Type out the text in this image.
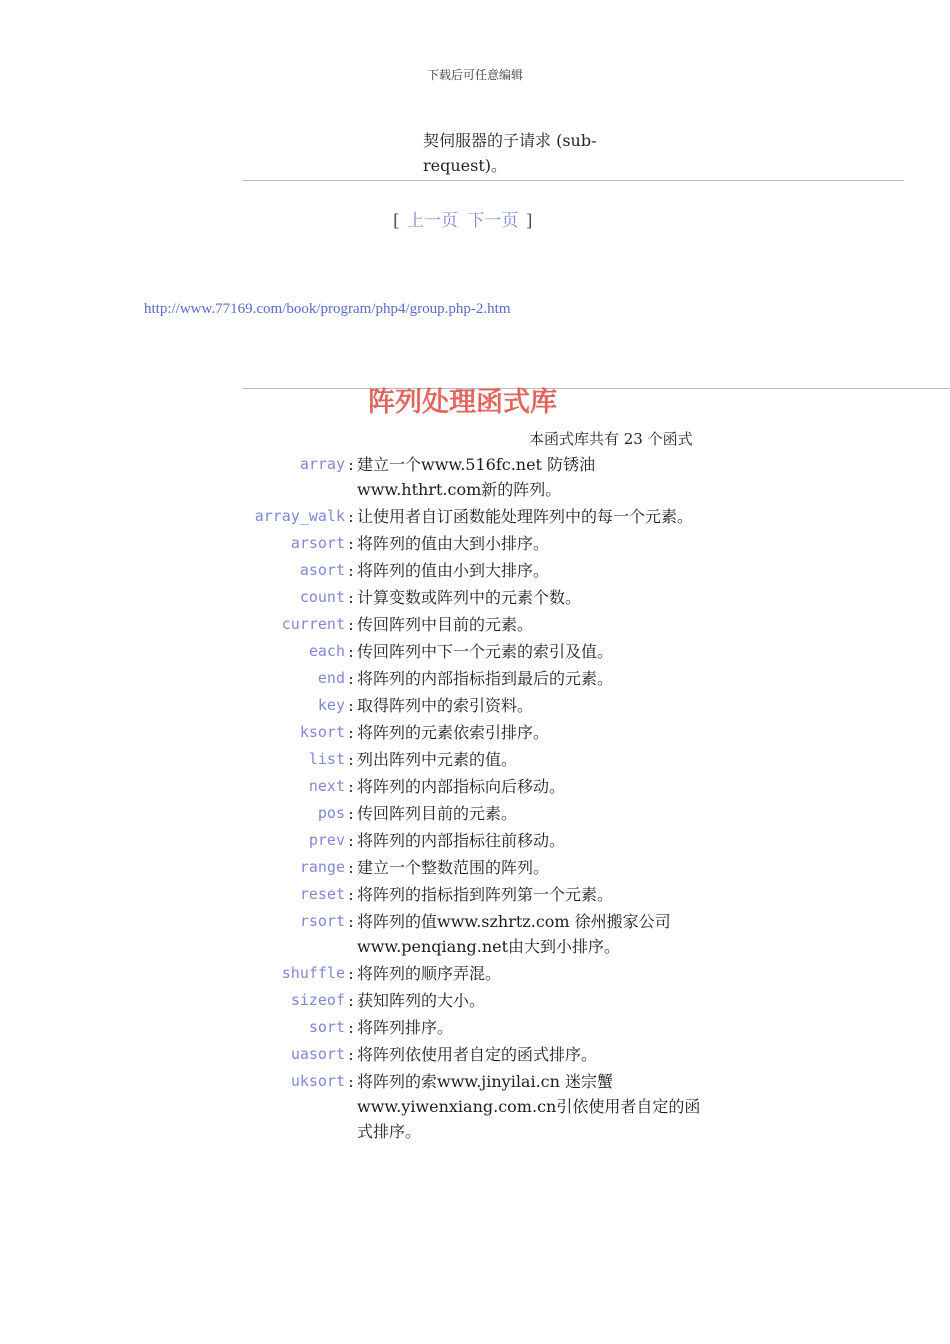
下载后可任意编辑
契伺服器的子请求 (sub-request)。
[ 上一页 下一页 ]
http://www.77169.com/book/program/php4/group.php-2.htm
阵列处理函式库
本函式库共有 23 个函式
array : 建立一个www.516fc.net 防锈油 www.hthrt.com新的阵列。
array_walk : 让使用者自订函数能处理阵列中的每一个元素。
arsort : 将阵列的值由大到小排序。
asort : 将阵列的值由小到大排序。
count : 计算变数或阵列中的元素个数。
current : 传回阵列中目前的元素。
each : 传回阵列中下一个元素的索引及值。
end : 将阵列的内部指标指到最后的元素。
key : 取得阵列中的索引资料。
ksort : 将阵列的元素依索引排序。
list : 列出阵列中元素的值。
next : 将阵列的内部指标向后移动。
pos : 传回阵列目前的元素。
prev : 将阵列的内部指标往前移动。
range : 建立一个整数范围的阵列。
reset : 将阵列的指标指到阵列第一个元素。
rsort : 将阵列的值www.szhrtz.com 徐州搬家公司 www.penqiang.net由大到小排序。
shuffle : 将阵列的顺序弄混。
sizeof : 获知阵列的大小。
sort : 将阵列排序。
uasort : 将阵列依使用者自定的函式排序。
uksort : 将阵列的索www.jinyilai.cn 迷宗蟹 www.yiwenxiang.com.cn引依使用者自定的函式排序。
